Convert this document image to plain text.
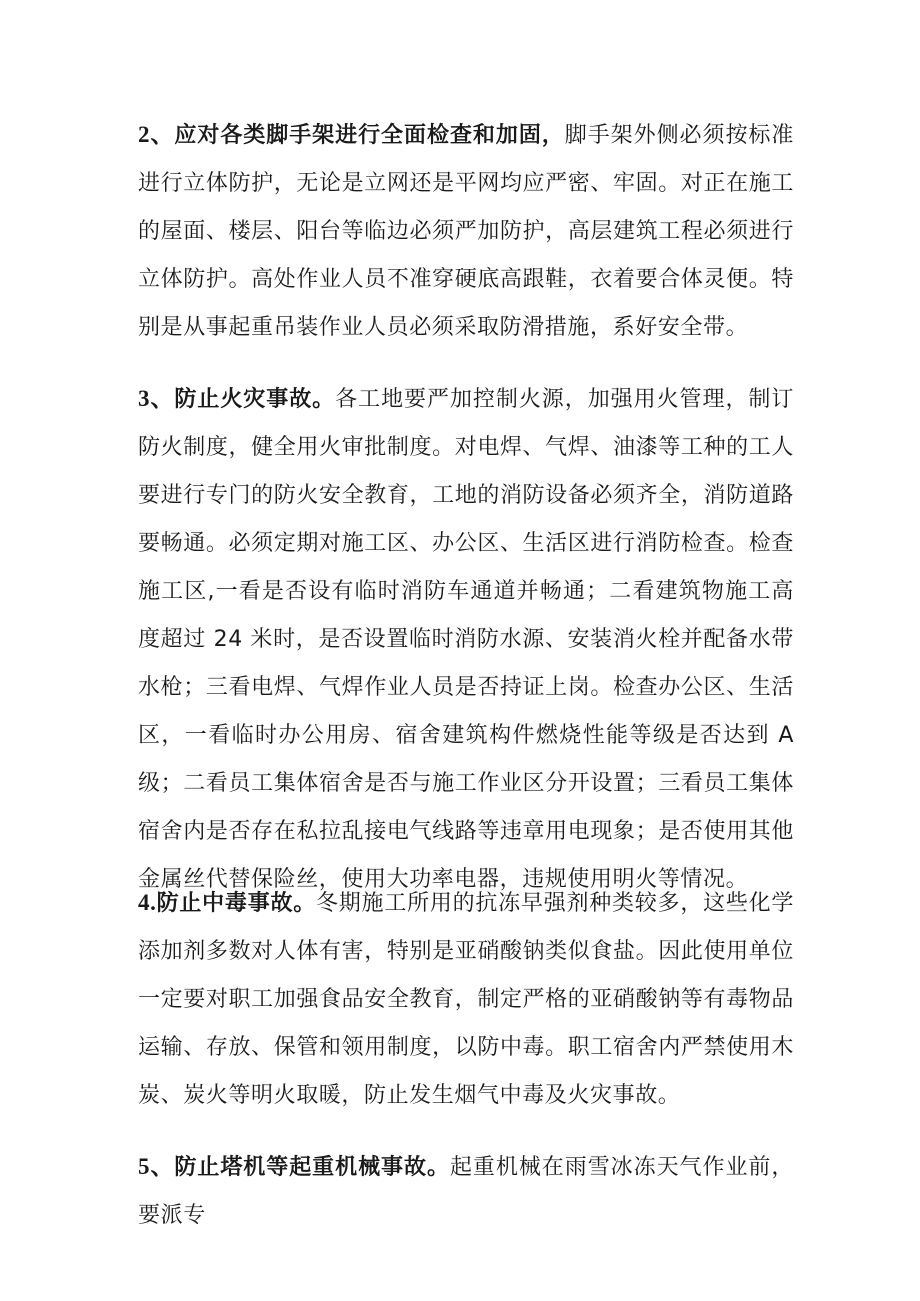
2、应对各类脚手架进行全面检查和加固，脚手架外侧必须按标准进行立体防护，无论是立网还是平网均应严密、牢固。对正在施工的屋面、楼层、阳台等临边必须严加防护，高层建筑工程必须进行立体防护。高处作业人员不准穿硬底高跟鞋，衣着要合体灵便。特别是从事起重吊装作业人员必须采取防滑措施，系好安全带。

3、防止火灾事故。各工地要严加控制火源，加强用火管理，制订防火制度，健全用火审批制度。对电焊、气焊、油漆等工种的工人要进行专门的防火安全教育，工地的消防设备必须齐全，消防道路要畅通。必须定期对施工区、办公区、生活区进行消防检查。检查施工区,一看是否设有临时消防车通道并畅通；二看建筑物施工高度超过 24 米时，是否设置临时消防水源、安装消火栓并配备水带水枪；三看电焊、气焊作业人员是否持证上岗。检查办公区、生活区，一看临时办公用房、宿舍建筑构件燃烧性能等级是否达到 A 级；二看员工集体宿舍是否与施工作业区分开设置；三看员工集体宿舍内是否存在私拉乱接电气线路等违章用电现象；是否使用其他金属丝代替保险丝，使用大功率电器，违规使用明火等情况。

4.防止中毒事故。冬期施工所用的抗冻早强剂种类较多，这些化学添加剂多数对人体有害，特别是亚硝酸钠类似食盐。因此使用单位一定要对职工加强食品安全教育，制定严格的亚硝酸钠等有毒物品运输、存放、保管和领用制度，以防中毒。职工宿舍内严禁使用木炭、炭火等明火取暖，防止发生烟气中毒及火灾事故。

5、防止塔机等起重机械事故。起重机械在雨雪冰冻天气作业前，要派专
